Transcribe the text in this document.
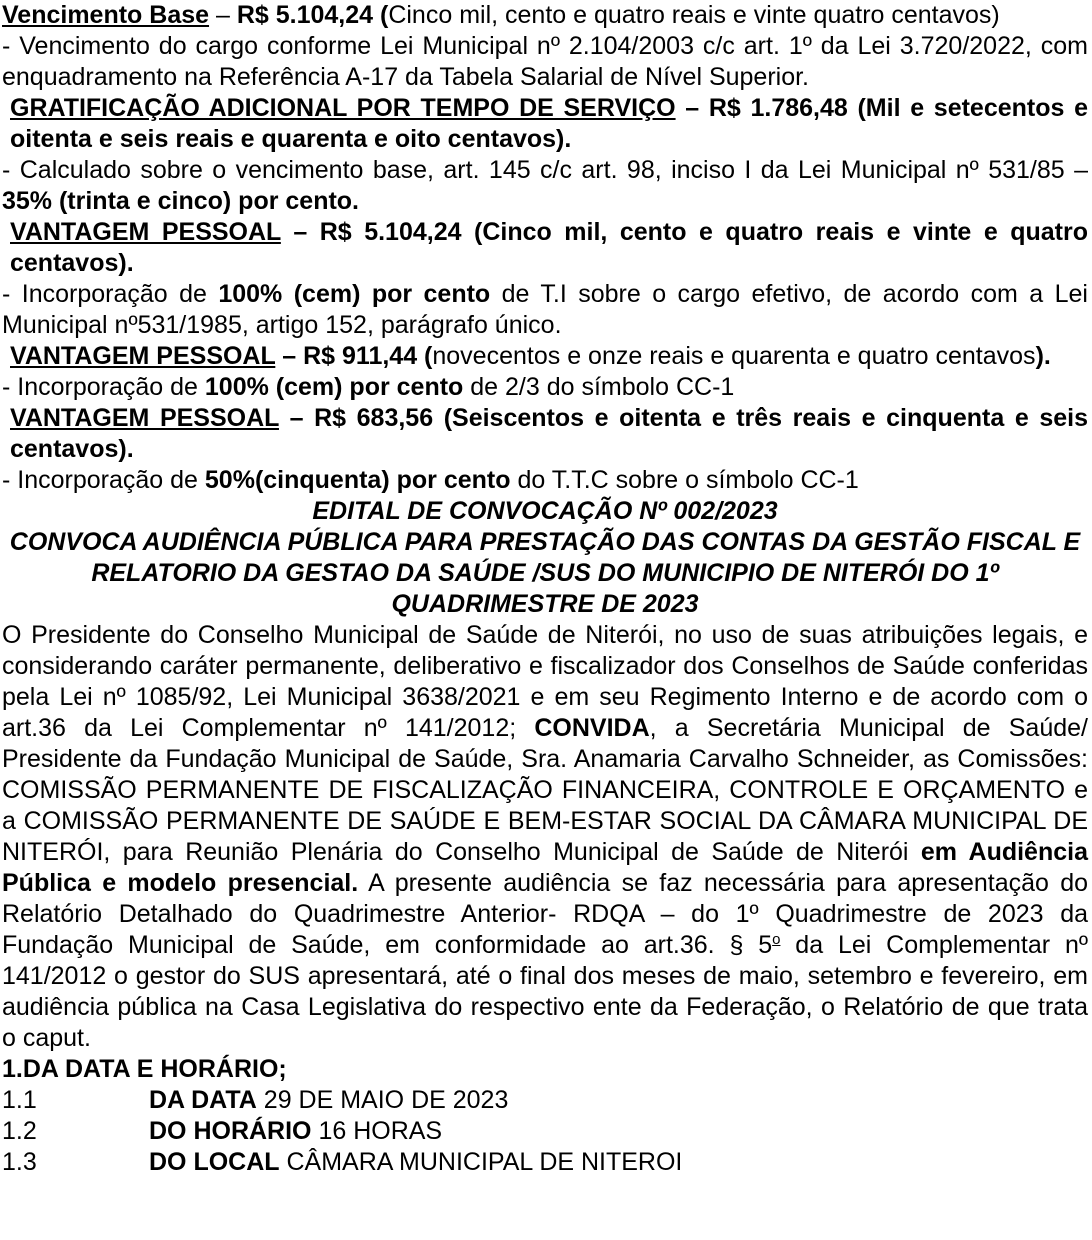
Vencimento Base – R$ 5.104,24 (Cinco mil, cento e quatro reais e vinte quatro centavos)

- Vencimento do cargo conforme Lei Municipal nº 2.104/2003 c/c art. 1º da Lei 3.720/2022, com enquadramento na Referência A-17 da Tabela Salarial de Nível Superior.

GRATIFICAÇÃO ADICIONAL POR TEMPO DE SERVIÇO – R$ 1.786,48 (Mil e setecentos e oitenta e seis reais e quarenta e oito centavos).

- Calculado sobre o vencimento base, art. 145 c/c art. 98, inciso I da Lei Municipal nº 531/85 – 35% (trinta e cinco) por cento.

VANTAGEM PESSOAL – R$ 5.104,24 (Cinco mil, cento e quatro reais e vinte e quatro centavos).

- Incorporação de 100% (cem) por cento de T.I sobre o cargo efetivo, de acordo com a Lei Municipal nº531/1985, artigo 152, parágrafo único.

VANTAGEM PESSOAL – R$ 911,44 (novecentos e onze reais e quarenta e quatro centavos).

- Incorporação de 100% (cem) por cento de 2/3 do símbolo CC-1

VANTAGEM PESSOAL – R$ 683,56 (Seiscentos e oitenta e três reais e cinquenta e seis centavos).

- Incorporação de 50%(cinquenta) por cento do T.T.C sobre o símbolo CC-1

EDITAL DE CONVOCAÇÃO Nº 002/2023

CONVOCA AUDIÊNCIA PÚBLICA PARA PRESTAÇÃO DAS CONTAS DA GESTÃO FISCAL E RELATORIO DA GESTAO DA SAÚDE /SUS DO MUNICIPIO DE NITERÓI DO 1º QUADRIMESTRE DE 2023

O Presidente do Conselho Municipal de Saúde de Niterói, no uso de suas atribuições legais, e considerando caráter permanente, deliberativo e fiscalizador dos Conselhos de Saúde conferidas pela Lei nº 1085/92, Lei Municipal 3638/2021 e em seu Regimento Interno e de acordo com o art.36 da Lei Complementar nº 141/2012; CONVIDA, a Secretária Municipal de Saúde/ Presidente da Fundação Municipal de Saúde, Sra. Anamaria Carvalho Schneider, as Comissões: COMISSÃO PERMANENTE DE FISCALIZAÇÃO FINANCEIRA, CONTROLE E ORÇAMENTO e a COMISSÃO PERMANENTE DE SAÚDE E BEM-ESTAR SOCIAL DA CÂMARA MUNICIPAL DE NITERÓI, para Reunião Plenária do Conselho Municipal de Saúde de Niterói em Audiência Pública e modelo presencial. A presente audiência se faz necessária para apresentação do Relatório Detalhado do Quadrimestre Anterior- RDQA – do 1º Quadrimestre de 2023 da Fundação Municipal de Saúde, em conformidade ao art.36. § 5$^o$ da Lei Complementar nº 141/2012 o gestor do SUS apresentará, até o final dos meses de maio, setembro e fevereiro, em audiência pública na Casa Legislativa do respectivo ente da Federação, o Relatório de que trata o caput.

1.DA DATA E HORÁRIO;

1.1	DA DATA 29 DE MAIO DE 2023
1.2	DO HORÁRIO 16 HORAS
1.3	DO LOCAL CÂMARA MUNICIPAL DE NITEROI
